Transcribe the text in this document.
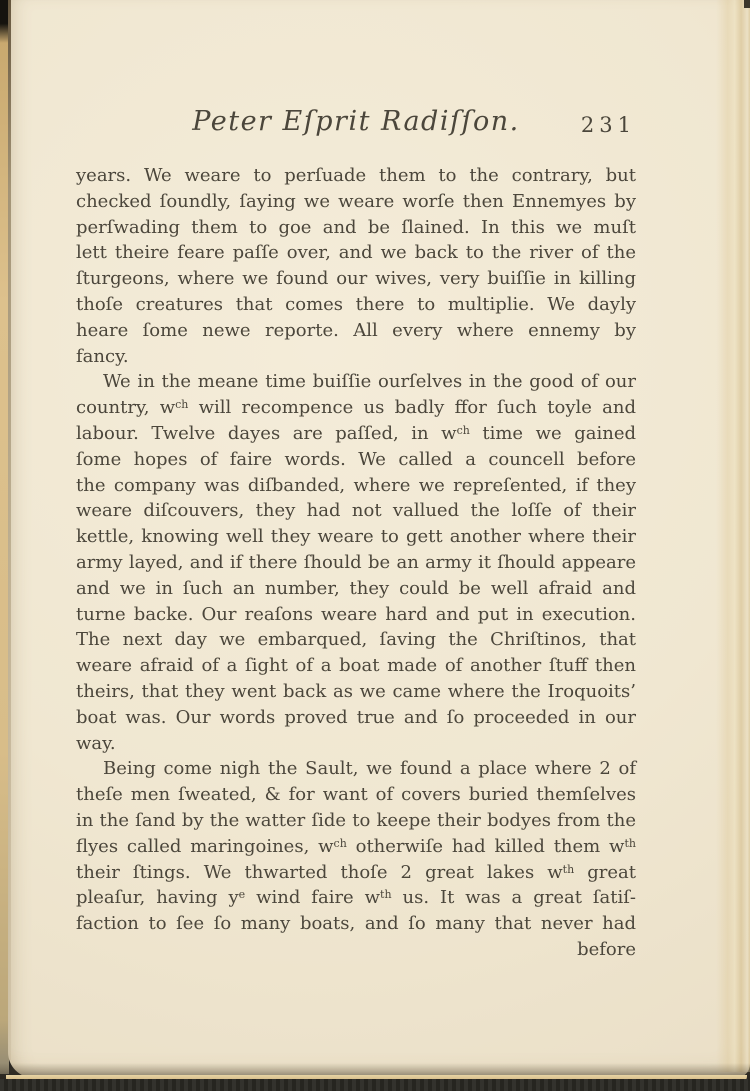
Peter Eſprit Radiſſon.	231
years. We weare to perſuade them to the contrary, but
checked ſoundly, ſaying we weare worſe then Ennemyes by
perſwading them to goe and be ſlained. In this we muſt
lett theire feare paſſe over, and we back to the river of the
ſturgeons, where we found our wives, very buiſſie in killing
thoſe creatures that comes there to multiplie. We dayly
heare ſome newe reporte. All every where ennemy by
fancy.
We in the meane time buiſſie ourſelves in the good of our
country, $w^{ch}$ will recompence us badly ffor ſuch toyle and
labour. Twelve dayes are paſſed, in $w^{ch}$ time we gained
ſome hopes of faire words. We called a councell before
the company was diſbanded, where we repreſented, if they
weare diſcouvers, they had not vallued the loſſe of their
kettle, knowing well they weare to gett another where their
army layed, and if there ſhould be an army it ſhould appeare
and we in ſuch an number, they could be well afraid and
turne backe. Our reaſons weare hard and put in execution.
The next day we embarqued, ſaving the Chriſtinos, that
weare afraid of a ſight of a boat made of another ſtuff then
theirs, that they went back as we came where the Iroquoits’
boat was. Our words proved true and ſo proceeded in our
way.
Being come nigh the Sault, we found a place where 2 of
theſe men ſweated, & for want of covers buried themſelves
in the ſand by the watter ſide to keepe their bodyes from the
flyes called maringoines, $w^{ch}$ otherwiſe had killed them $w^{th}$
their ſtings. We thwarted thoſe 2 great lakes $w^{th}$ great
pleaſur, having $y^e$ wind faire $w^{th}$ us. It was a great ſatiſ-
faction to ſee ſo many boats, and ſo many that never had
before
